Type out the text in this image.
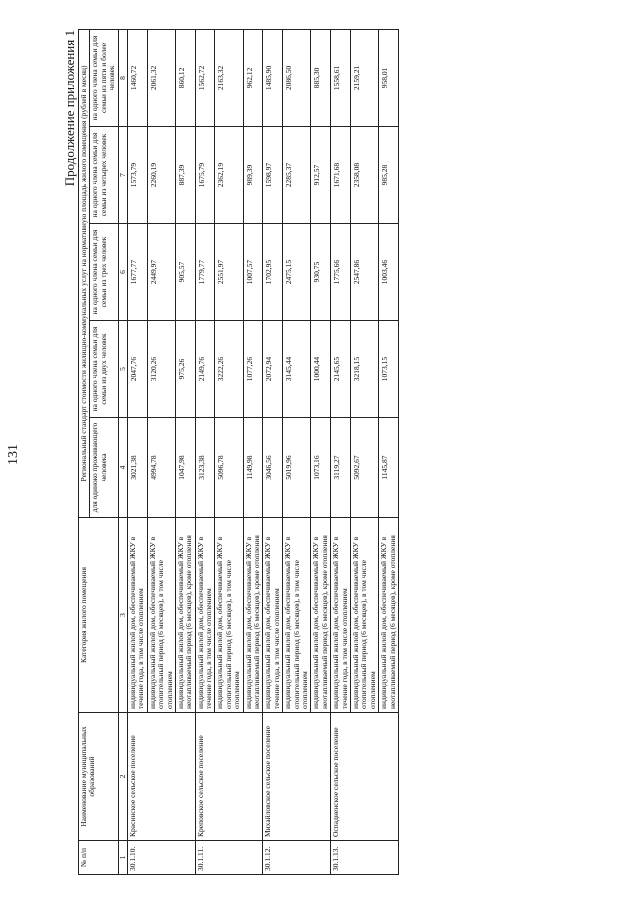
131
Продолжение приложения 1
№ п/п	Наименование муниципальных образований	Категория жилого помещения	Региональный стандарт стоимости жилищно-коммунальных услуг на нормативную площадь жилого помещения (рублей в месяц)				
			для одиноко проживающего человека	на одного члена семьи для семьи из двух человек	на одного члена семьи для семьи из трех человек	на одного члена семьи для семьи из четырех человек	на одного члена семьи для семьи из пяти и более человек
1	2	3	4	5	6	7	8
30.1.10.	Красинское сельское поселение	индивидуальный жилой дом, обеспечиваемый ЖКУ в течение года, в том числе отоплением	3021,38	2047,76	1677,77	1573,79	1460,72
		индивидуальный жилой дом, обеспечиваемый ЖКУ в отопительный период (6 месяцев), в том числе отоплением	4994,78	3120,26	2449,97	2260,19	2061,32
		индивидуальный жилой дом, обеспечиваемый ЖКУ в неотапливаемый период (6 месяцев), кроме отопления	1047,98	975,26	905,57	887,39	860,12
30.1.11.	Креповское сельское поселение	индивидуальный жилой дом, обеспечиваемый ЖКУ в течение года, в том числе отоплением	3123,38	2149,76	1779,77	1675,79	1562,72
		индивидуальный жилой дом, обеспечиваемый ЖКУ в отопительный период (6 месяцев), в том числе отоплением	5096,78	3222,26	2551,97	2362,19	2163,32
		индивидуальный жилой дом, обеспечиваемый ЖКУ в неотапливаемый период (6 месяцев), кроме отопления	1149,98	1077,26	1007,57	989,39	962,12
30.1.12.	Михайловское сельское поселение	индивидуальный жилой дом, обеспечиваемый ЖКУ в течение года, в том числе отоплением	3046,56	2072,94	1702,95	1598,97	1485,90
		индивидуальный жилой дом, обеспечиваемый ЖКУ в отопительный период (6 месяцев), в том числе отоплением	5019,96	3145,44	2475,15	2285,37	2086,50
		индивидуальный жилой дом, обеспечиваемый ЖКУ в неотапливаемый период (6 месяцев), кроме отопления	1073,16	1000,44	930,75	912,57	885,30
30.1.13.	Оспадненское сельское поселение	индивидуальный жилой дом, обеспечиваемый ЖКУ в течение года, в том числе отоплением	3119,27	2145,65	1775,66	1671,68	1558,61
		индивидуальный жилой дом, обеспечиваемый ЖКУ в отопительный период (6 месяцев), в том числе отоплением	5092,67	3218,15	2547,86	2358,08	2159,21
		индивидуальный жилой дом, обеспечиваемый ЖКУ в неотапливаемый период (6 месяцев), кроме отопления	1145,87	1073,15	1003,46	985,28	958,01
